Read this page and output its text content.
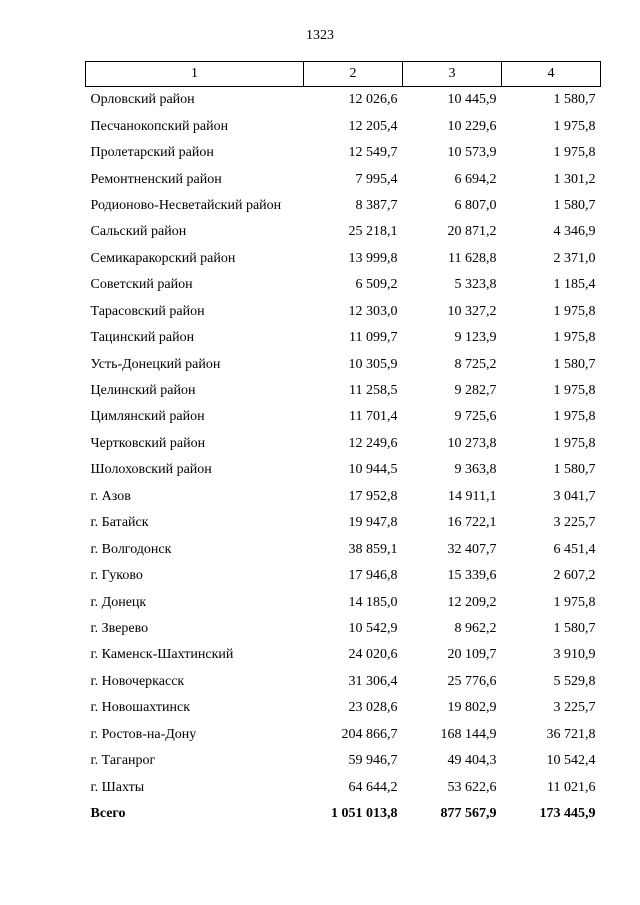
1323
1	2	3	4
Орловский район	12 026,6	10 445,9	1 580,7
Песчанокопский район	12 205,4	10 229,6	1 975,8
Пролетарский район	12 549,7	10 573,9	1 975,8
Ремонтненский район	7 995,4	6 694,2	1 301,2
Родионово-Несветайский район	8 387,7	6 807,0	1 580,7
Сальский район	25 218,1	20 871,2	4 346,9
Семикаракорский район	13 999,8	11 628,8	2 371,0
Советский район	6 509,2	5 323,8	1 185,4
Тарасовский район	12 303,0	10 327,2	1 975,8
Тацинский район	11 099,7	9 123,9	1 975,8
Усть-Донецкий район	10 305,9	8 725,2	1 580,7
Целинский район	11 258,5	9 282,7	1 975,8
Цимлянский район	11 701,4	9 725,6	1 975,8
Чертковский район	12 249,6	10 273,8	1 975,8
Шолоховский район	10 944,5	9 363,8	1 580,7
г. Азов	17 952,8	14 911,1	3 041,7
г. Батайск	19 947,8	16 722,1	3 225,7
г. Волгодонск	38 859,1	32 407,7	6 451,4
г. Гуково	17 946,8	15 339,6	2 607,2
г. Донецк	14 185,0	12 209,2	1 975,8
г. Зверево	10 542,9	8 962,2	1 580,7
г. Каменск-Шахтинский	24 020,6	20 109,7	3 910,9
г. Новочеркасск	31 306,4	25 776,6	5 529,8
г. Новошахтинск	23 028,6	19 802,9	3 225,7
г. Ростов-на-Дону	204 866,7	168 144,9	36 721,8
г. Таганрог	59 946,7	49 404,3	10 542,4
г. Шахты	64 644,2	53 622,6	11 021,6
Всего	1 051 013,8	877 567,9	173 445,9
